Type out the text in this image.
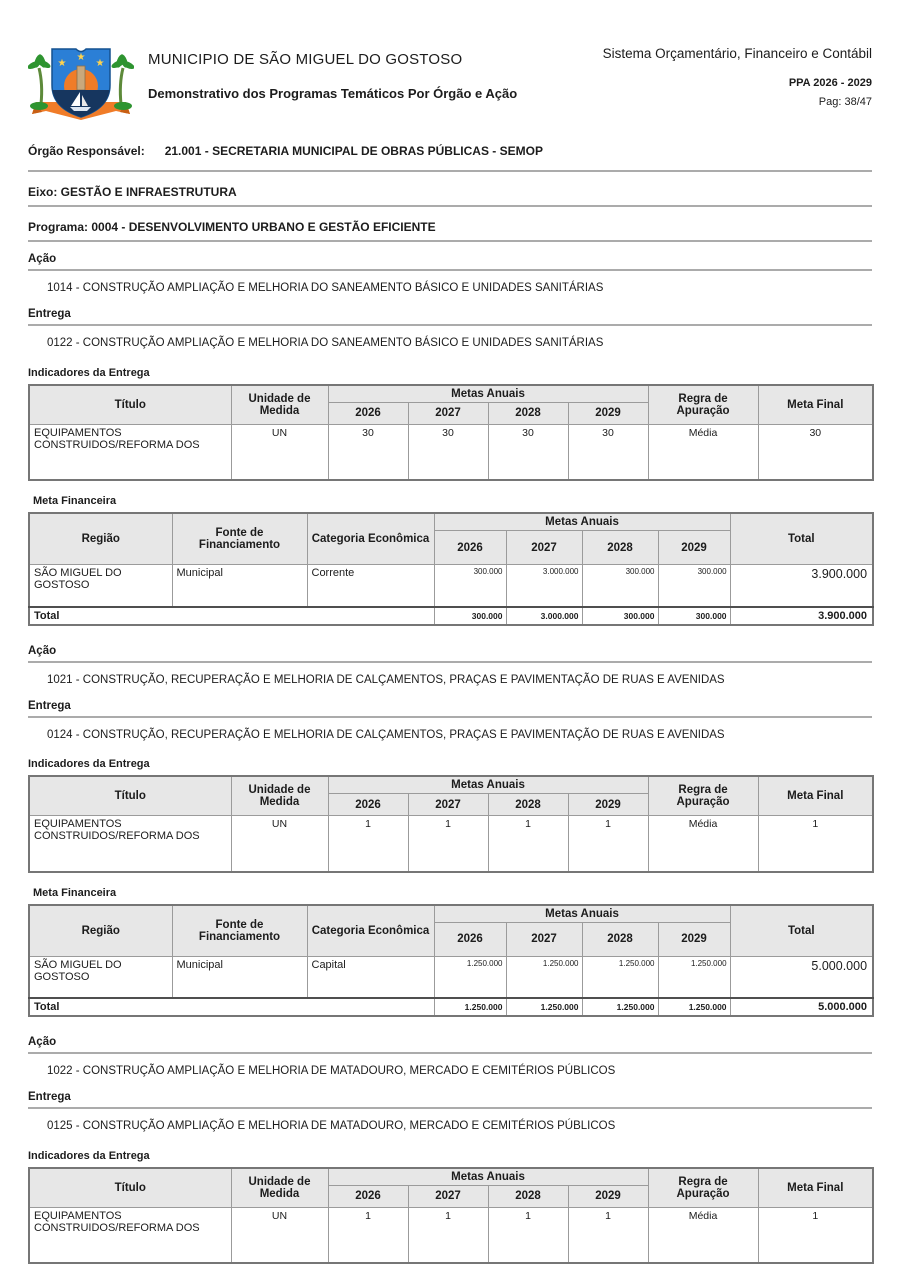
★
★
★	MUNICIPIO DE SÃO MIGUEL DO GOSTOSO
Demonstrativo dos Programas Temáticos Por Órgão e Ação
Sistema Orçamentário, Financeiro e Contábil
PPA 2026 - 2029
Pag: 38/47
Órgão Responsável: 21.001 - SECRETARIA MUNICIPAL DE OBRAS PÚBLICAS - SEMOP
Eixo: GESTÃO E INFRAESTRUTURA
Programa: 0004 - DESENVOLVIMENTO URBANO E GESTÃO EFICIENTE
Ação
1014 - CONSTRUÇÃO AMPLIAÇÃO E MELHORIA DO SANEAMENTO BÁSICO E UNIDADES SANITÁRIAS
Entrega
0122 - CONSTRUÇÃO AMPLIAÇÃO E MELHORIA DO SANEAMENTO BÁSICO E UNIDADES SANITÁRIAS
Indicadores da Entrega
Título	Unidade de Medida	Metas Anuais				Regra de Apuração	Meta Final
		2026	2027	2028	2029		
EQUIPAMENTOS CONSTRUIDOS/REFORMA DOS	UN	30	30	30	30	Média	30
Meta Financeira
Região	Fonte de Financiamento	Categoria Econômica	Metas Anuais				Total
			2026	2027	2028	2029	
SÃO MIGUEL DO GOSTOSO	Municipal	Corrente	300.000	3.000.000	300.000	300.000	3.900.000
Total			300.000	3.000.000	300.000	300.000	3.900.000
Ação
1021 - CONSTRUÇÃO, RECUPERAÇÃO E MELHORIA DE CALÇAMENTOS, PRAÇAS E PAVIMENTAÇÃO DE RUAS E AVENIDAS
Entrega
0124 - CONSTRUÇÃO, RECUPERAÇÃO E MELHORIA DE CALÇAMENTOS, PRAÇAS E PAVIMENTAÇÃO DE RUAS E AVENIDAS
Indicadores da Entrega
Título	Unidade de Medida	Metas Anuais				Regra de Apuração	Meta Final
		2026	2027	2028	2029		
EQUIPAMENTOS CONSTRUIDOS/REFORMA DOS	UN	1	1	1	1	Média	1
Meta Financeira
Região	Fonte de Financiamento	Categoria Econômica	Metas Anuais				Total
			2026	2027	2028	2029	
SÃO MIGUEL DO GOSTOSO	Municipal	Capital	1.250.000	1.250.000	1.250.000	1.250.000	5.000.000
Total			1.250.000	1.250.000	1.250.000	1.250.000	5.000.000
Ação
1022 - CONSTRUÇÃO AMPLIAÇÃO E MELHORIA DE MATADOURO, MERCADO E CEMITÉRIOS PÚBLICOS
Entrega
0125 - CONSTRUÇÃO AMPLIAÇÃO E MELHORIA DE MATADOURO, MERCADO E CEMITÉRIOS PÚBLICOS
Indicadores da Entrega
Título	Unidade de Medida	Metas Anuais				Regra de Apuração	Meta Final
		2026	2027	2028	2029		
EQUIPAMENTOS CONSTRUIDOS/REFORMA DOS	UN	1	1	1	1	Média	1
